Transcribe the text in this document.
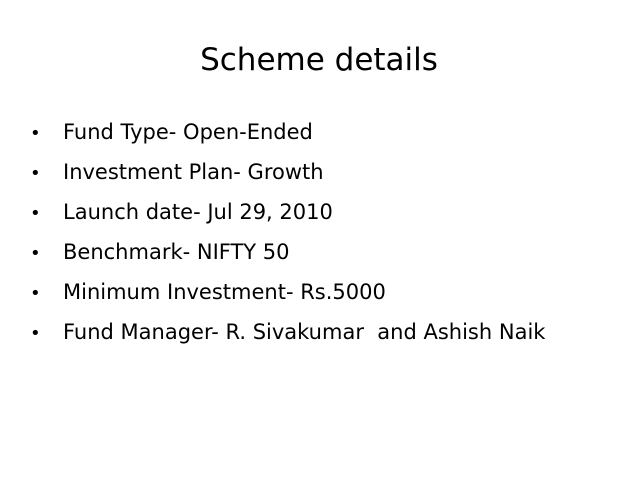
Scheme details
•	Fund Type- Open-Ended
•	Investment Plan- Growth
•	Launch date- Jul 29, 2010
•	Benchmark- NIFTY 50
•	Minimum Investment- Rs.5000
•	Fund Manager- R. Sivakumar  and Ashish Naik
